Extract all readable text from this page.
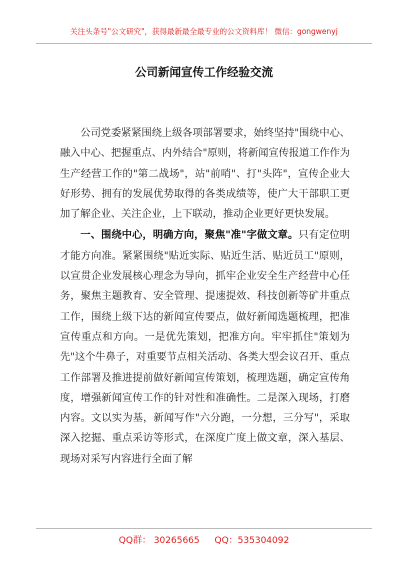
关注头条号"公文研究"，获得最新最全最专业的公文资料库！ 微信：gongwenyj
公司新闻宣传工作经验交流

公司党委紧紧围绕上级各项部署要求，始终坚持"围绕中心、融入中心、把握重点、内外结合"原则，将新闻宣传报道工作作为生产经营工作的"第二战场"，站"前哨"、打"头阵"，宣传企业大好形势、拥有的发展优势取得的各类成绩等，使广大干部职工更加了解企业、关注企业，上下联动，推动企业更好更快发展。

一、围绕中心，明确方向，聚焦"准"字做文章。只有定位明才能方向准。紧紧围绕"贴近实际、贴近生活、贴近员工"原则，以宣贯企业发展核心理念为导向，抓牢企业安全生产经营中心任务，聚焦主题教育、安全管理、提速提效、科技创新等矿井重点工作，围绕上级下达的新闻宣传要点，做好新闻选题梳理，把准宣传重点和方向。一是优先策划，把准方向。牢牢抓住"策划为先"这个牛鼻子，对重要节点相关活动、各类大型会议召开、重点工作部署及推进提前做好新闻宣传策划，梳理选题，确定宣传角度，增强新闻宣传工作的针对性和准确性。二是深入现场，打磨内容。文以实为基，新闻写作"六分跑，一分想，三分写"，采取深入挖掘、重点采访等形式，在深度广度上做文章，深入基层、现场对采写内容进行全面了解

QQ群： 30265665 QQ：535304092
